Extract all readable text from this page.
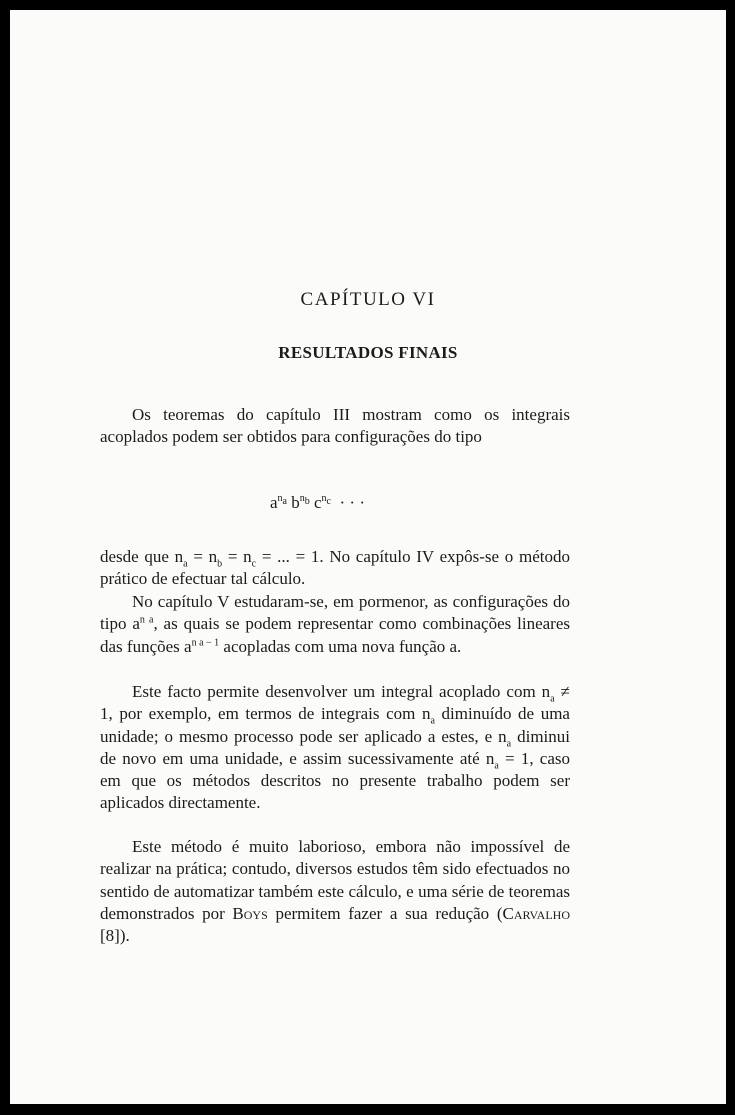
CAPÍTULO VI
RESULTADOS FINAIS

Os teoremas do capítulo III mostram como os integrais acoplados podem ser obtidos para configurações do tipo

$a^{n_a}$ $b^{n_b}$ $c^{n_c}$ · · ·

desde que $n_a = n_b = n_c$ = ... = 1. No capítulo IV expôs-se o método prático de efectuar tal cálculo.

No capítulo V estudaram-se, em pormenor, as configurações do tipo $a^{n a}$, as quais se podem representar como combinações lineares das funções $a^{n a - 1}$ acopladas com uma nova função a.

Este facto permite desenvolver um integral acoplado com $n_a \ne 1$, por exemplo, em termos de integrais com $n_a$ diminuído de uma unidade; o mesmo processo pode ser aplicado a estes, e $n_a$ diminui de novo em uma unidade, e assim sucessivamente até $n_a = 1$, caso em que os métodos descritos no presente trabalho podem ser aplicados directamente.

Este método é muito laborioso, embora não impossível de realizar na prática; contudo, diversos estudos têm sido efectuados no sentido de automatizar também este cálculo, e uma série de teoremas demonstrados por Boys permitem fazer a sua redução (Carvalho [8]).
